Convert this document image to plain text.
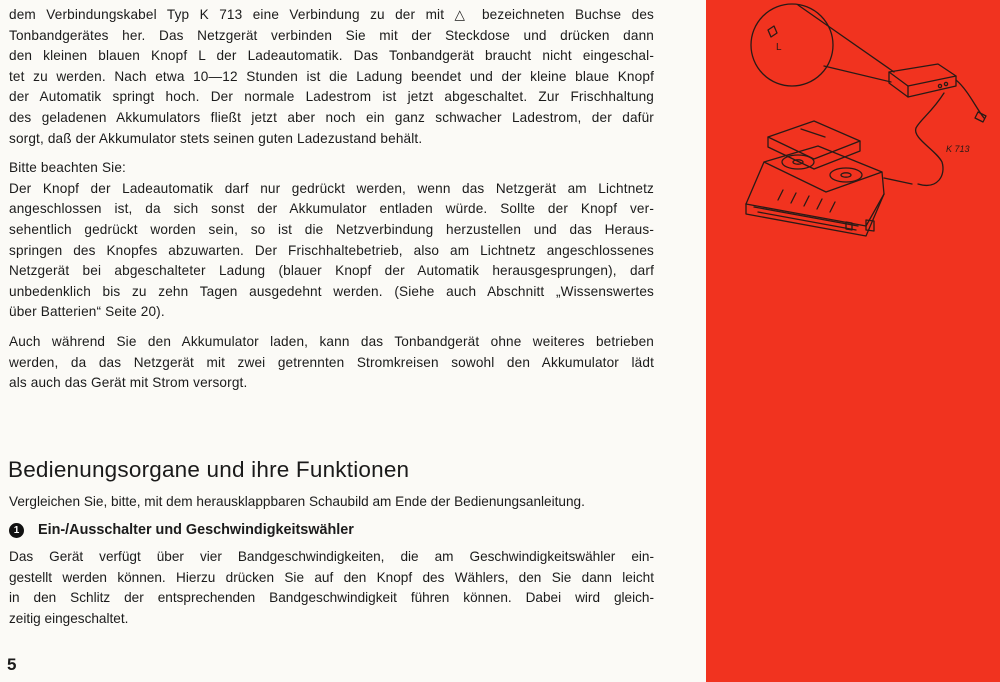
dem Verbindungskabel Typ K 713 eine Verbindung zu der mit △ bezeichneten Buchse des
Tonbandgerätes her. Das Netzgerät verbinden Sie mit der Steckdose und drücken dann
den kleinen blauen Knopf L der Ladeautomatik. Das Tonbandgerät braucht nicht eingeschal-
tet zu werden. Nach etwa 10—12 Stunden ist die Ladung beendet und der kleine blaue Knopf
der Automatik springt hoch. Der normale Ladestrom ist jetzt abgeschaltet. Zur Frischhaltung
des geladenen Akkumulators fließt jetzt aber noch ein ganz schwacher Ladestrom, der dafür
sorgt, daß der Akkumulator stets seinen guten Ladezustand behält.

Bitte beachten Sie:

Der Knopf der Ladeautomatik darf nur gedrückt werden, wenn das Netzgerät am Lichtnetz
angeschlossen ist, da sich sonst der Akkumulator entladen würde. Sollte der Knopf ver-
sehentlich gedrückt worden sein, so ist die Netzverbindung herzustellen und das Heraus-
springen des Knopfes abzuwarten. Der Frischhaltebetrieb, also am Lichtnetz angeschlossenes
Netzgerät bei abgeschalteter Ladung (blauer Knopf der Automatik herausgesprungen), darf
unbedenklich bis zu zehn Tagen ausgedehnt werden. (Siehe auch Abschnitt „Wissenswertes
über Batterien“ Seite 20).

Auch während Sie den Akkumulator laden, kann das Tonbandgerät ohne weiteres betrieben
werden, da das Netzgerät mit zwei getrennten Stromkreisen sowohl den Akkumulator lädt
als auch das Gerät mit Strom versorgt.

Bedienungsorgane und ihre Funktionen
Vergleichen Sie, bitte, mit dem herausklappbaren Schaubild am Ende der Bedienungsanleitung.
1	Ein-/Ausschalter und Geschwindigkeitswähler
Das Gerät verfügt über vier Bandgeschwindigkeiten, die am Geschwindigkeitswähler ein-
gestellt werden können. Hierzu drücken Sie auf den Knopf des Wählers, den Sie dann leicht
in den Schlitz der entsprechenden Bandgeschwindigkeit führen können. Dabei wird gleich-
zeitig eingeschaltet.
5
K 713
L
